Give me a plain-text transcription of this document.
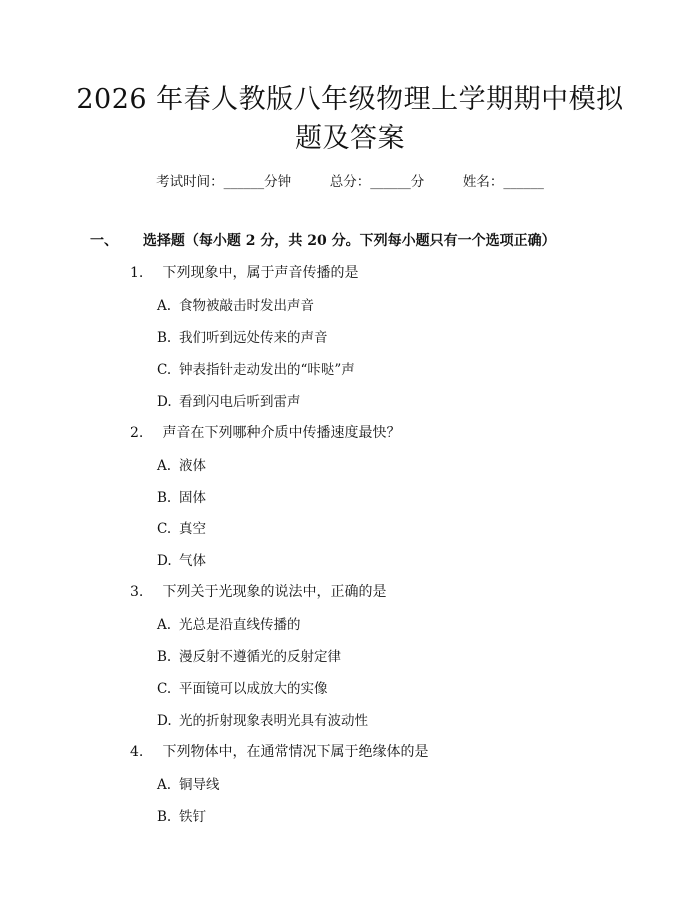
2026 年春人教版八年级物理上学期期中模拟
题及答案
考试时间：______分钟	总分：______分	姓名：______
一、 选择题（每小题 2 分，共 20 分。下列每小题只有一个选项正确）
1. 下列现象中，属于声音传播的是
A. 食物被敲击时发出声音
B. 我们听到远处传来的声音
C. 钟表指针走动发出的“咔哒”声
D. 看到闪电后听到雷声
2. 声音在下列哪种介质中传播速度最快？
A. 液体
B. 固体
C. 真空
D. 气体
3. 下列关于光现象的说法中，正确的是
A. 光总是沿直线传播的
B. 漫反射不遵循光的反射定律
C. 平面镜可以成放大的实像
D. 光的折射现象表明光具有波动性
4. 下列物体中，在通常情况下属于绝缘体的是
A. 铜导线
B. 铁钉
